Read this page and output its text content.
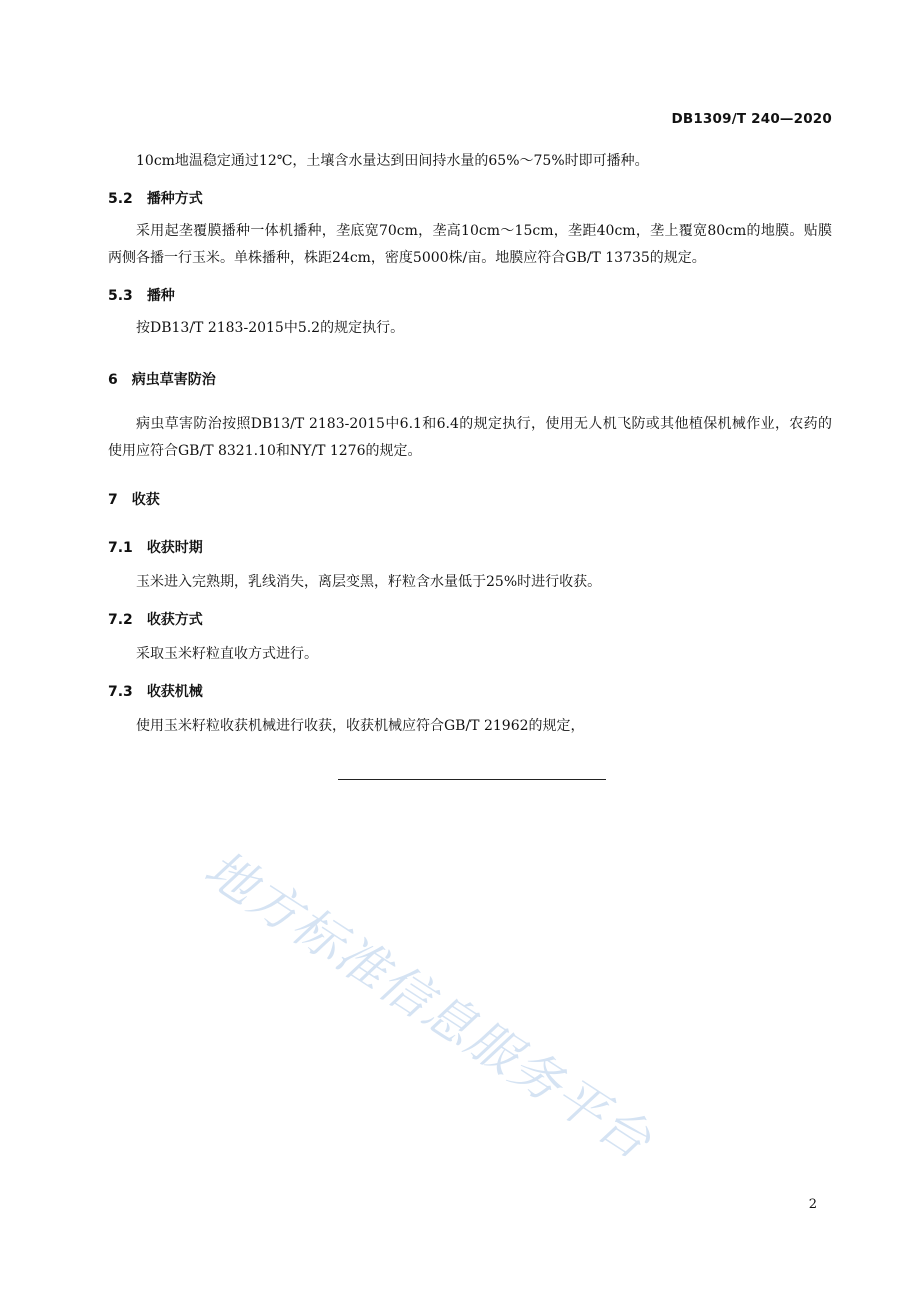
DB1309/T 240—2020

10cm地温稳定通过12℃，土壤含水量达到田间持水量的65%～75%时即可播种。

5.2 播种方式

采用起垄覆膜播种一体机播种，垄底宽70cm，垄高10cm～15cm，垄距40cm，垄上覆宽80cm的地膜。贴膜两侧各播一行玉米。单株播种，株距24cm，密度5000株/亩。地膜应符合GB/T 13735的规定。

5.3 播种

按DB13/T 2183-2015中5.2的规定执行。

6 病虫草害防治

病虫草害防治按照DB13/T 2183-2015中6.1和6.4的规定执行，使用无人机飞防或其他植保机械作业，农药的使用应符合GB/T 8321.10和NY/T 1276的规定。

7 收获
7.1 收获时期

玉米进入完熟期，乳线消失，离层变黑，籽粒含水量低于25%时进行收获。

7.2 收获方式

采取玉米籽粒直收方式进行。

7.3 收获机械

使用玉米籽粒收获机械进行收获，收获机械应符合GB/T 21962的规定，

地方标准信息服务平台
2
